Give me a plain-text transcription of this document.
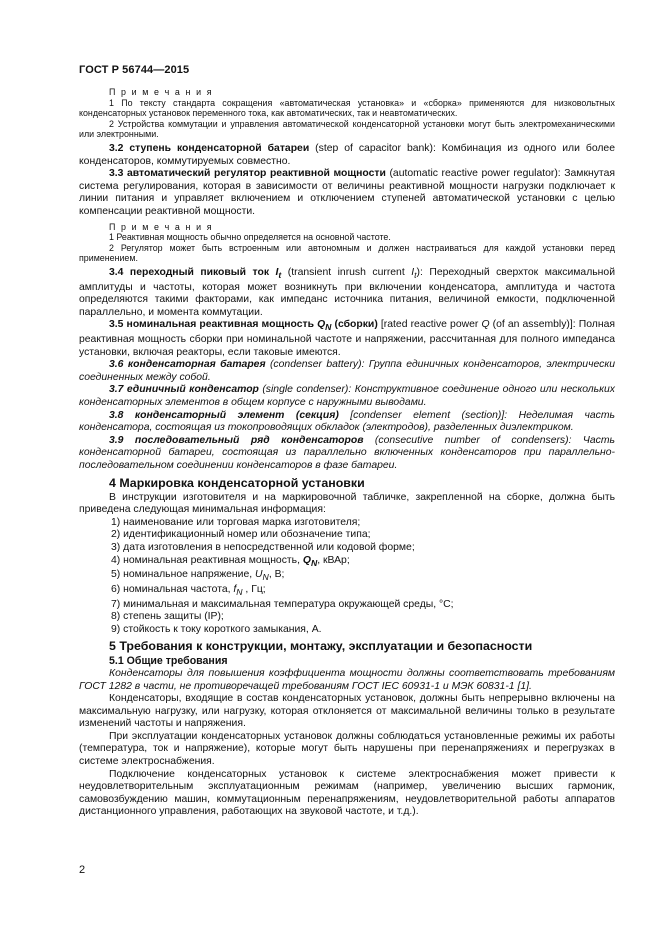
ГОСТ Р 56744—2015

П р и м е ч а н и я

1 По тексту стандарта сокращения «автоматическая установка» и «сборка» применяются для низковольтных конденсаторных установок переменного тока, как автоматических, так и неавтоматических.

2 Устройства коммутации и управления автоматической конденсаторной установки могут быть электромеханическими или электронными.

3.2 ступень конденсаторной батареи (step of capacitor bank): Комбинация из одного или более конденсаторов, коммутируемых совместно.

3.3 автоматический регулятор реактивной мощности (automatic reactive power regulator): Замкнутая система регулирования, которая в зависимости от величины реактивной мощности нагрузки подключает к линии питания и управляет включением и отключением ступеней автоматической установки с целью компенсации реактивной мощности.

П р и м е ч а н и я

1 Реактивная мощность обычно определяется на основной частоте.

2 Регулятор может быть встроенным или автономным и должен настраиваться для каждой установки перед применением.

3.4 переходный пиковый ток $I_t$ (transient inrush current $I_t$): Переходный сверхток максимальной амплитуды и частоты, которая может возникнуть при включении конденсатора, амплитуда и частота определяются такими факторами, как импеданс источника питания, величиной емкости, подключенной параллельно, и момента коммутации.

3.5 номинальная реактивная мощность $Q_N$ (сборки) [rated reactive power Q (of an assembly)]: Полная реактивная мощность сборки при номинальной частоте и напряжении, рассчитанная для полного импеданса установки, включая реакторы, если таковые имеются.

3.6 конденсаторная батарея (condenser battery): Группа единичных конденсаторов, электрически соединенных между собой.

3.7 единичный конденсатор (single condenser): Конструктивное соединение одного или нескольких конденсаторных элементов в общем корпусе с наружными выводами.

3.8 конденсаторный элемент (секция) [condenser element (section)]: Неделимая часть конденсатора, состоящая из токопроводящих обкладок (электродов), разделенных диэлектриком.

3.9 последовательный ряд конденсаторов (consecutive number of condensers): Часть конденсаторной батареи, состоящая из параллельно включенных конденсаторов при параллельно-последовательном соединении конденсаторов в фазе батареи.

4 Маркировка конденсаторной установки

В инструкции изготовителя и на маркировочной табличке, закрепленной на сборке, должна быть приведена следующая минимальная информация:

1) наименование или торговая марка изготовителя;

2) идентификационный номер или обозначение типа;

3) дата изготовления в непосредственной или кодовой форме;

4) номинальная реактивная мощность, $Q_N$, кВАр;

5) номинальное напряжение, $U_N$, В;

6) номинальная частота, $f_N$ , Гц;

7) минимальная и максимальная температура окружающей среды, °С;

8) степень защиты (IP);

9) стойкость к току короткого замыкания, А.

5 Требования к конструкции, монтажу, эксплуатации и безопасности

5.1 Общие требования

Конденсаторы для повышения коэффициента мощности должны соответствовать требованиям ГОСТ 1282 в части, не противоречащей требованиям ГОСТ IEC 60931-1 и МЭК 60831-1 [1].

Конденсаторы, входящие в состав конденсаторных установок, должны быть непрерывно включены на максимальную нагрузку, или нагрузку, которая отклоняется от максимальной величины только в результате изменений частоты и напряжения.

При эксплуатации конденсаторных установок должны соблюдаться установленные режимы их работы (температура, ток и напряжение), которые могут быть нарушены при перенапряжениях и перегрузках в системе электроснабжения.

Подключение конденсаторных установок к системе электроснабжения может привести к неудовлетворительным эксплуатационным режимам (например, увеличению высших гармоник, самовозбуждению машин, коммутационным перенапряжениям, неудовлетворительной работы аппаратов дистанционного управления, работающих на звуковой частоте, и т.д.).

2
